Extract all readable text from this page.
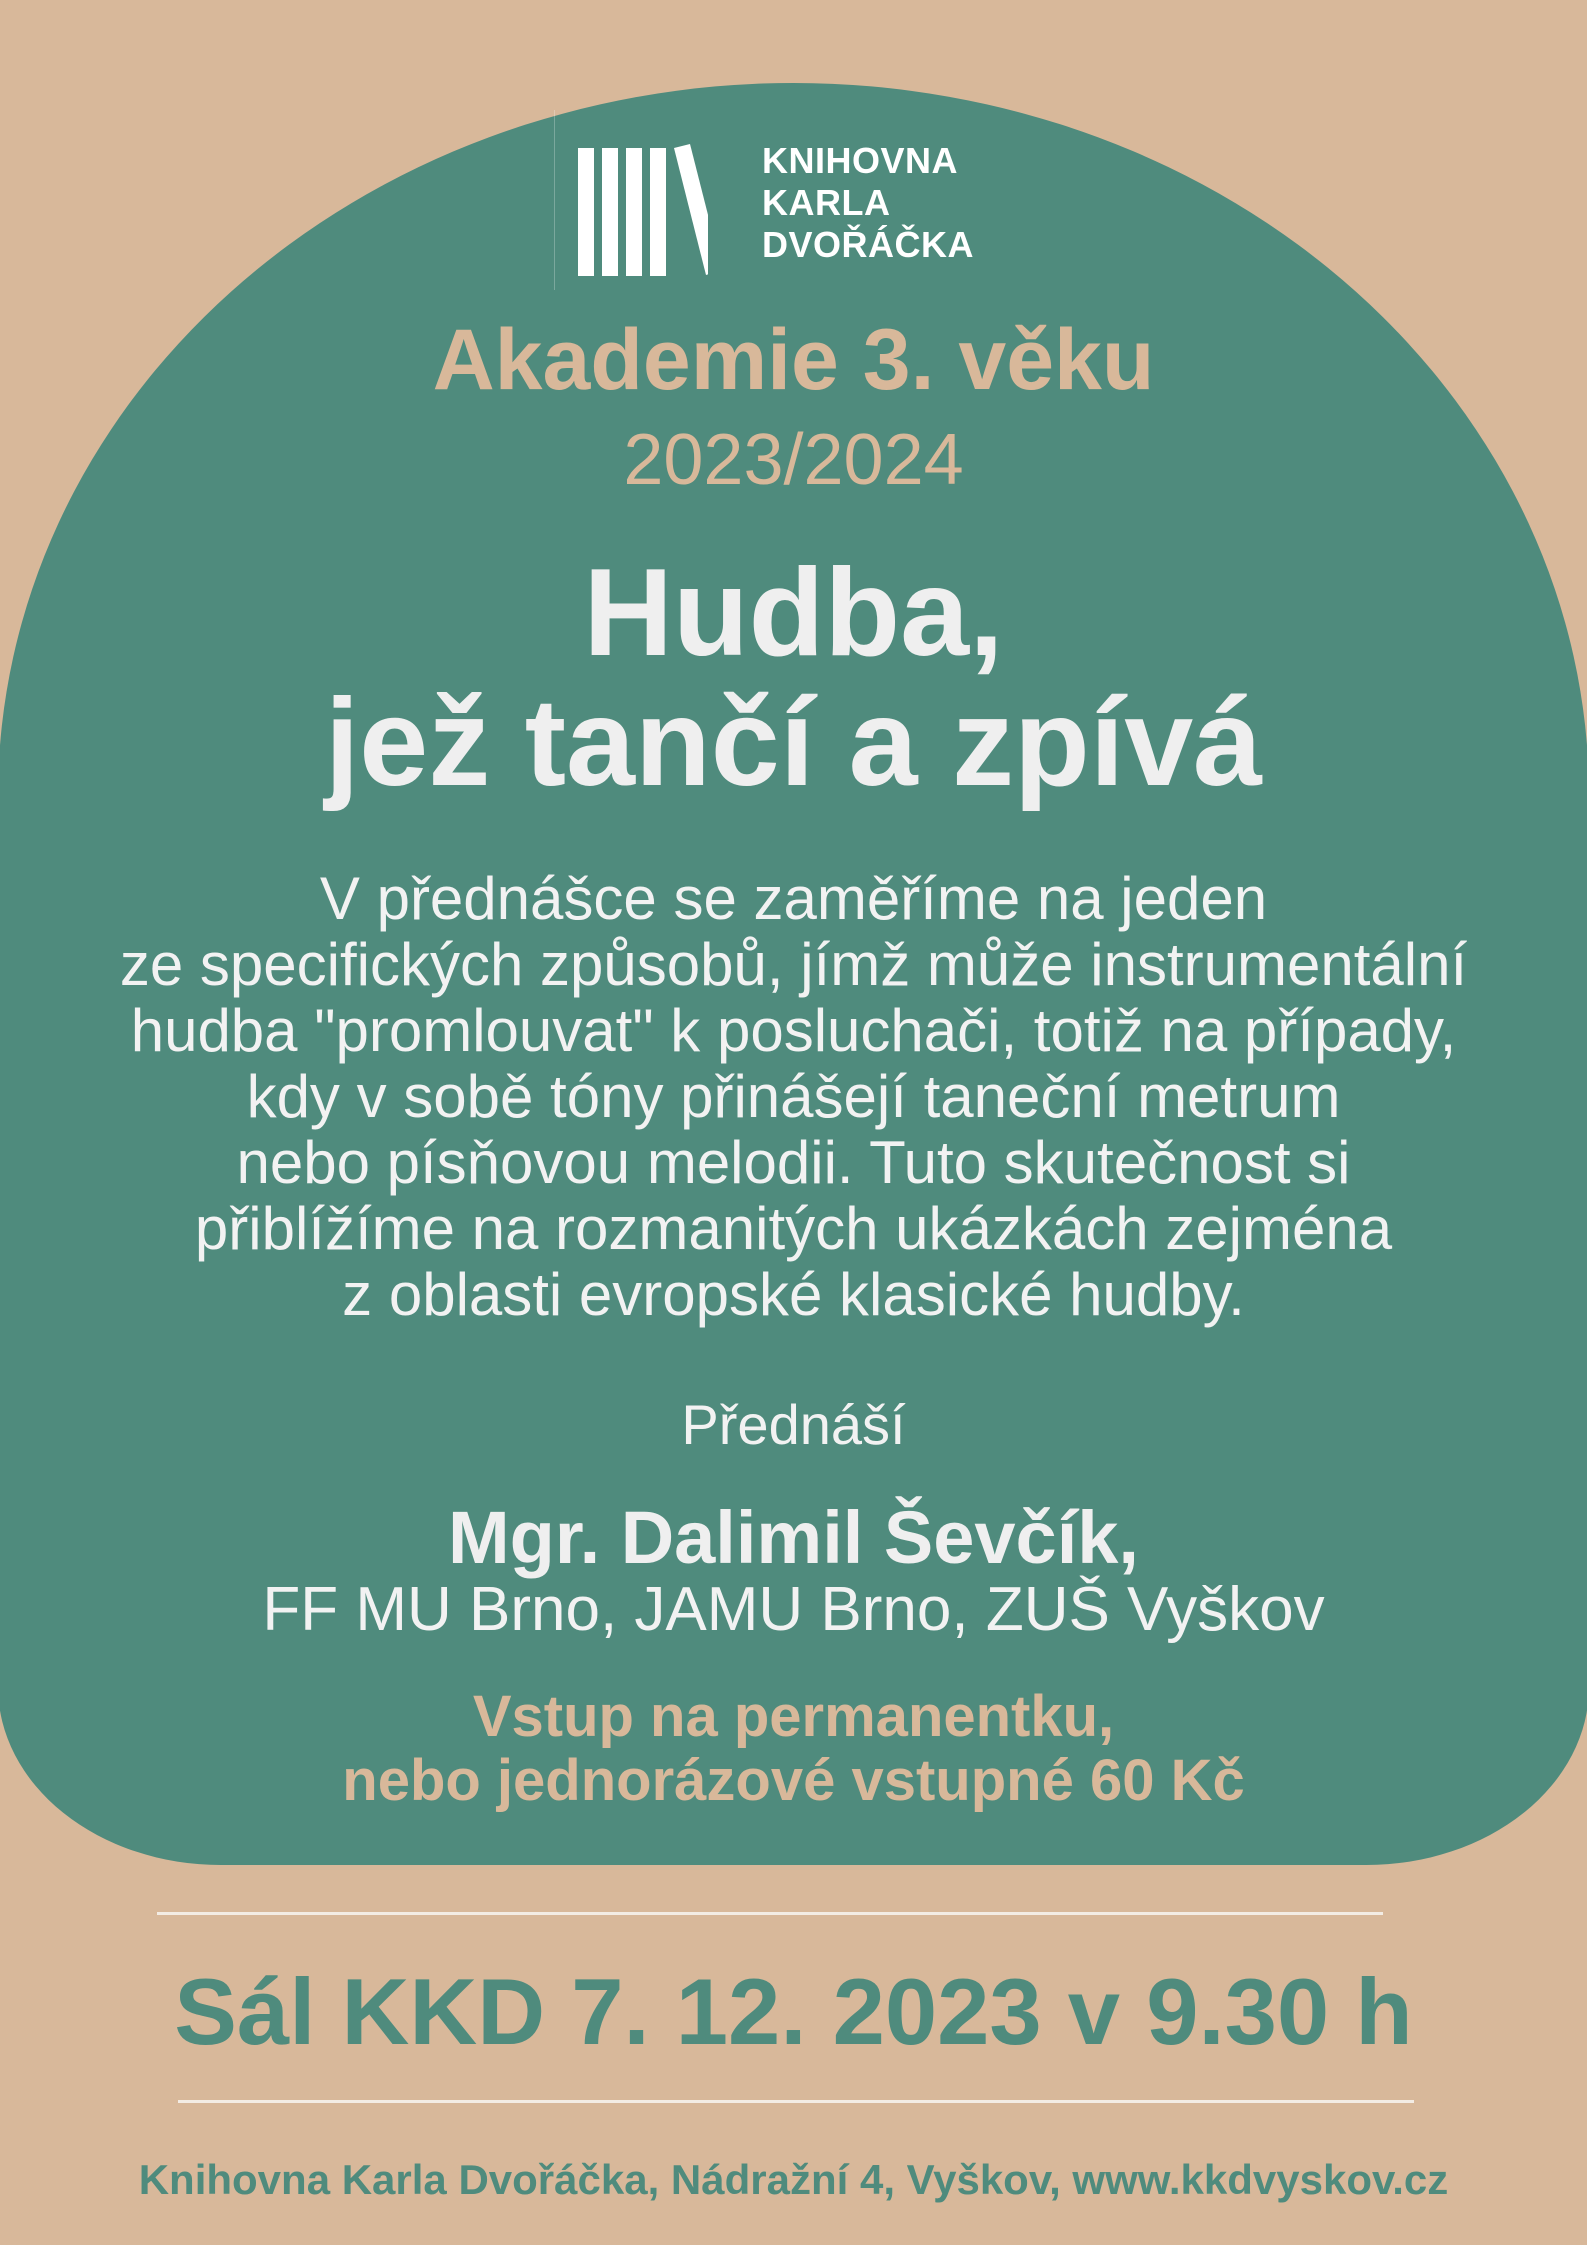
KNIHOVNA
KARLA
DVOŘÁČKA
Akademie 3. věku
2023/2024
Hudba,
jež tančí a zpívá
V přednášce se zaměříme na jeden
ze specifických způsobů, jímž může instrumentální
hudba "promlouvat" k posluchači, totiž na případy,
kdy v sobě tóny přinášejí taneční metrum
nebo písňovou melodii. Tuto skutečnost si
přiblížíme na rozmanitých ukázkách zejména
z oblasti evropské klasické hudby.
Přednáší
Mgr. Dalimil Ševčík,
FF MU Brno, JAMU Brno, ZUŠ Vyškov
Vstup na permanentku,
nebo jednorázové vstupné 60 Kč
Sál KKD 7. 12. 2023 v 9.30 h
Knihovna Karla Dvořáčka, Nádražní 4, Vyškov, www.kkdvyskov.cz
